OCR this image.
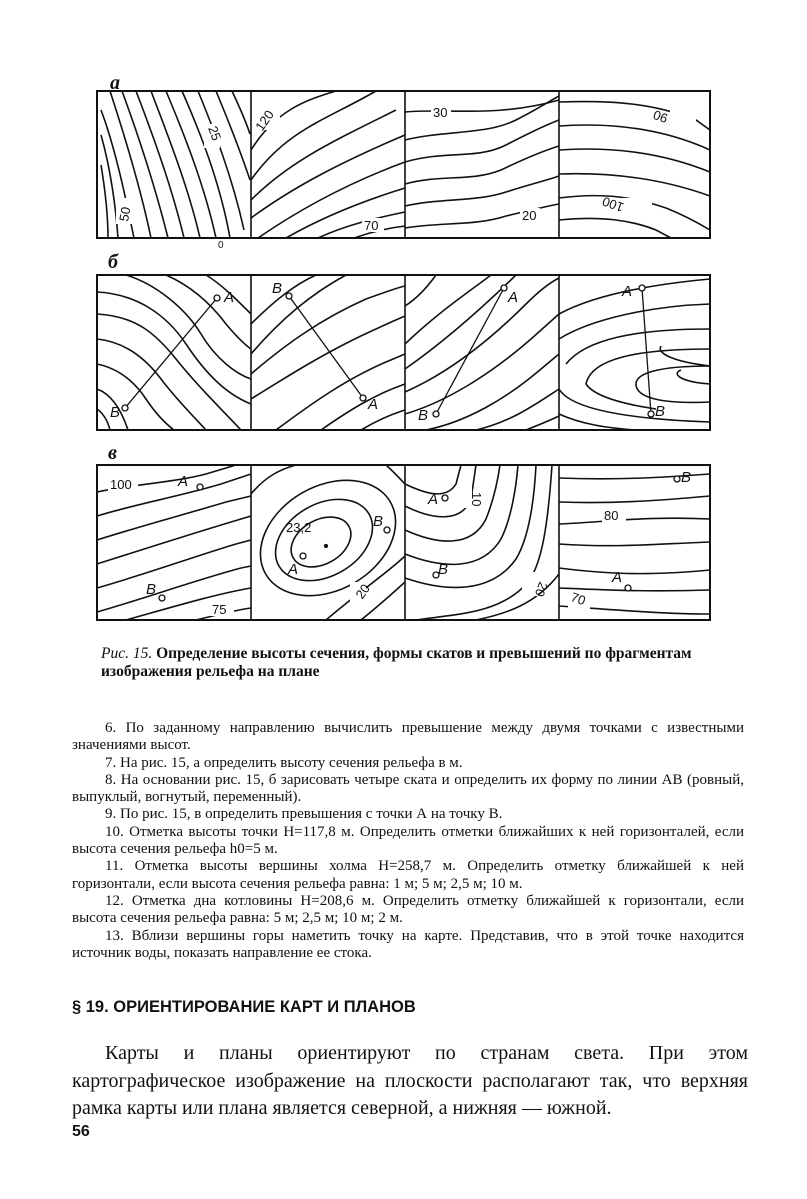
а
б
в
50
25
0
120	30
70
20
90
100
А
В
В
А
А
В
А
В
100
75
А
В
23,2
А
В
20
А 10
В
20
В
80
А
70
Рис. 15. Определение высоты сечения, формы скатов и превышений по фрагментам изображения рельефа на плане

6. По заданному направлению вычислить превышение между двумя точками с известными значениями высот.

7. На рис. 15, а определить высоту сечения рельефа в м.

8. На основании рис. 15, б зарисовать четыре ската и определить их форму по линии АВ (ровный, выпуклый, вогнутый, переменный).

9. По рис. 15, в определить превышения с точки А на точку В.

10. Отметка высоты точки H=117,8 м. Определить отметки ближайших к ней горизонталей, если высота сечения рельефа h0=5 м.

11. Отметка высоты вершины холма H=258,7 м. Определить отметку ближайшей к ней горизонтали, если высота сечения рельефа равна: 1 м; 5 м; 2,5 м; 10 м.

12. Отметка дна котловины H=208,6 м. Определить отметку ближайшей к горизонтали, если высота сечения рельефа равна: 5 м; 2,5 м; 10 м; 2 м.

13. Вблизи вершины горы наметить точку на карте. Представив, что в этой точке находится источник воды, показать направление ее стока.

§ 19. ОРИЕНТИРОВАНИЕ КАРТ И ПЛАНОВ

Карты и планы ориентируют по странам света. При этом картографическое изображение на плоскости располагают так, что верхняя рамка карты или плана является северной, а нижняя — южной.

56
